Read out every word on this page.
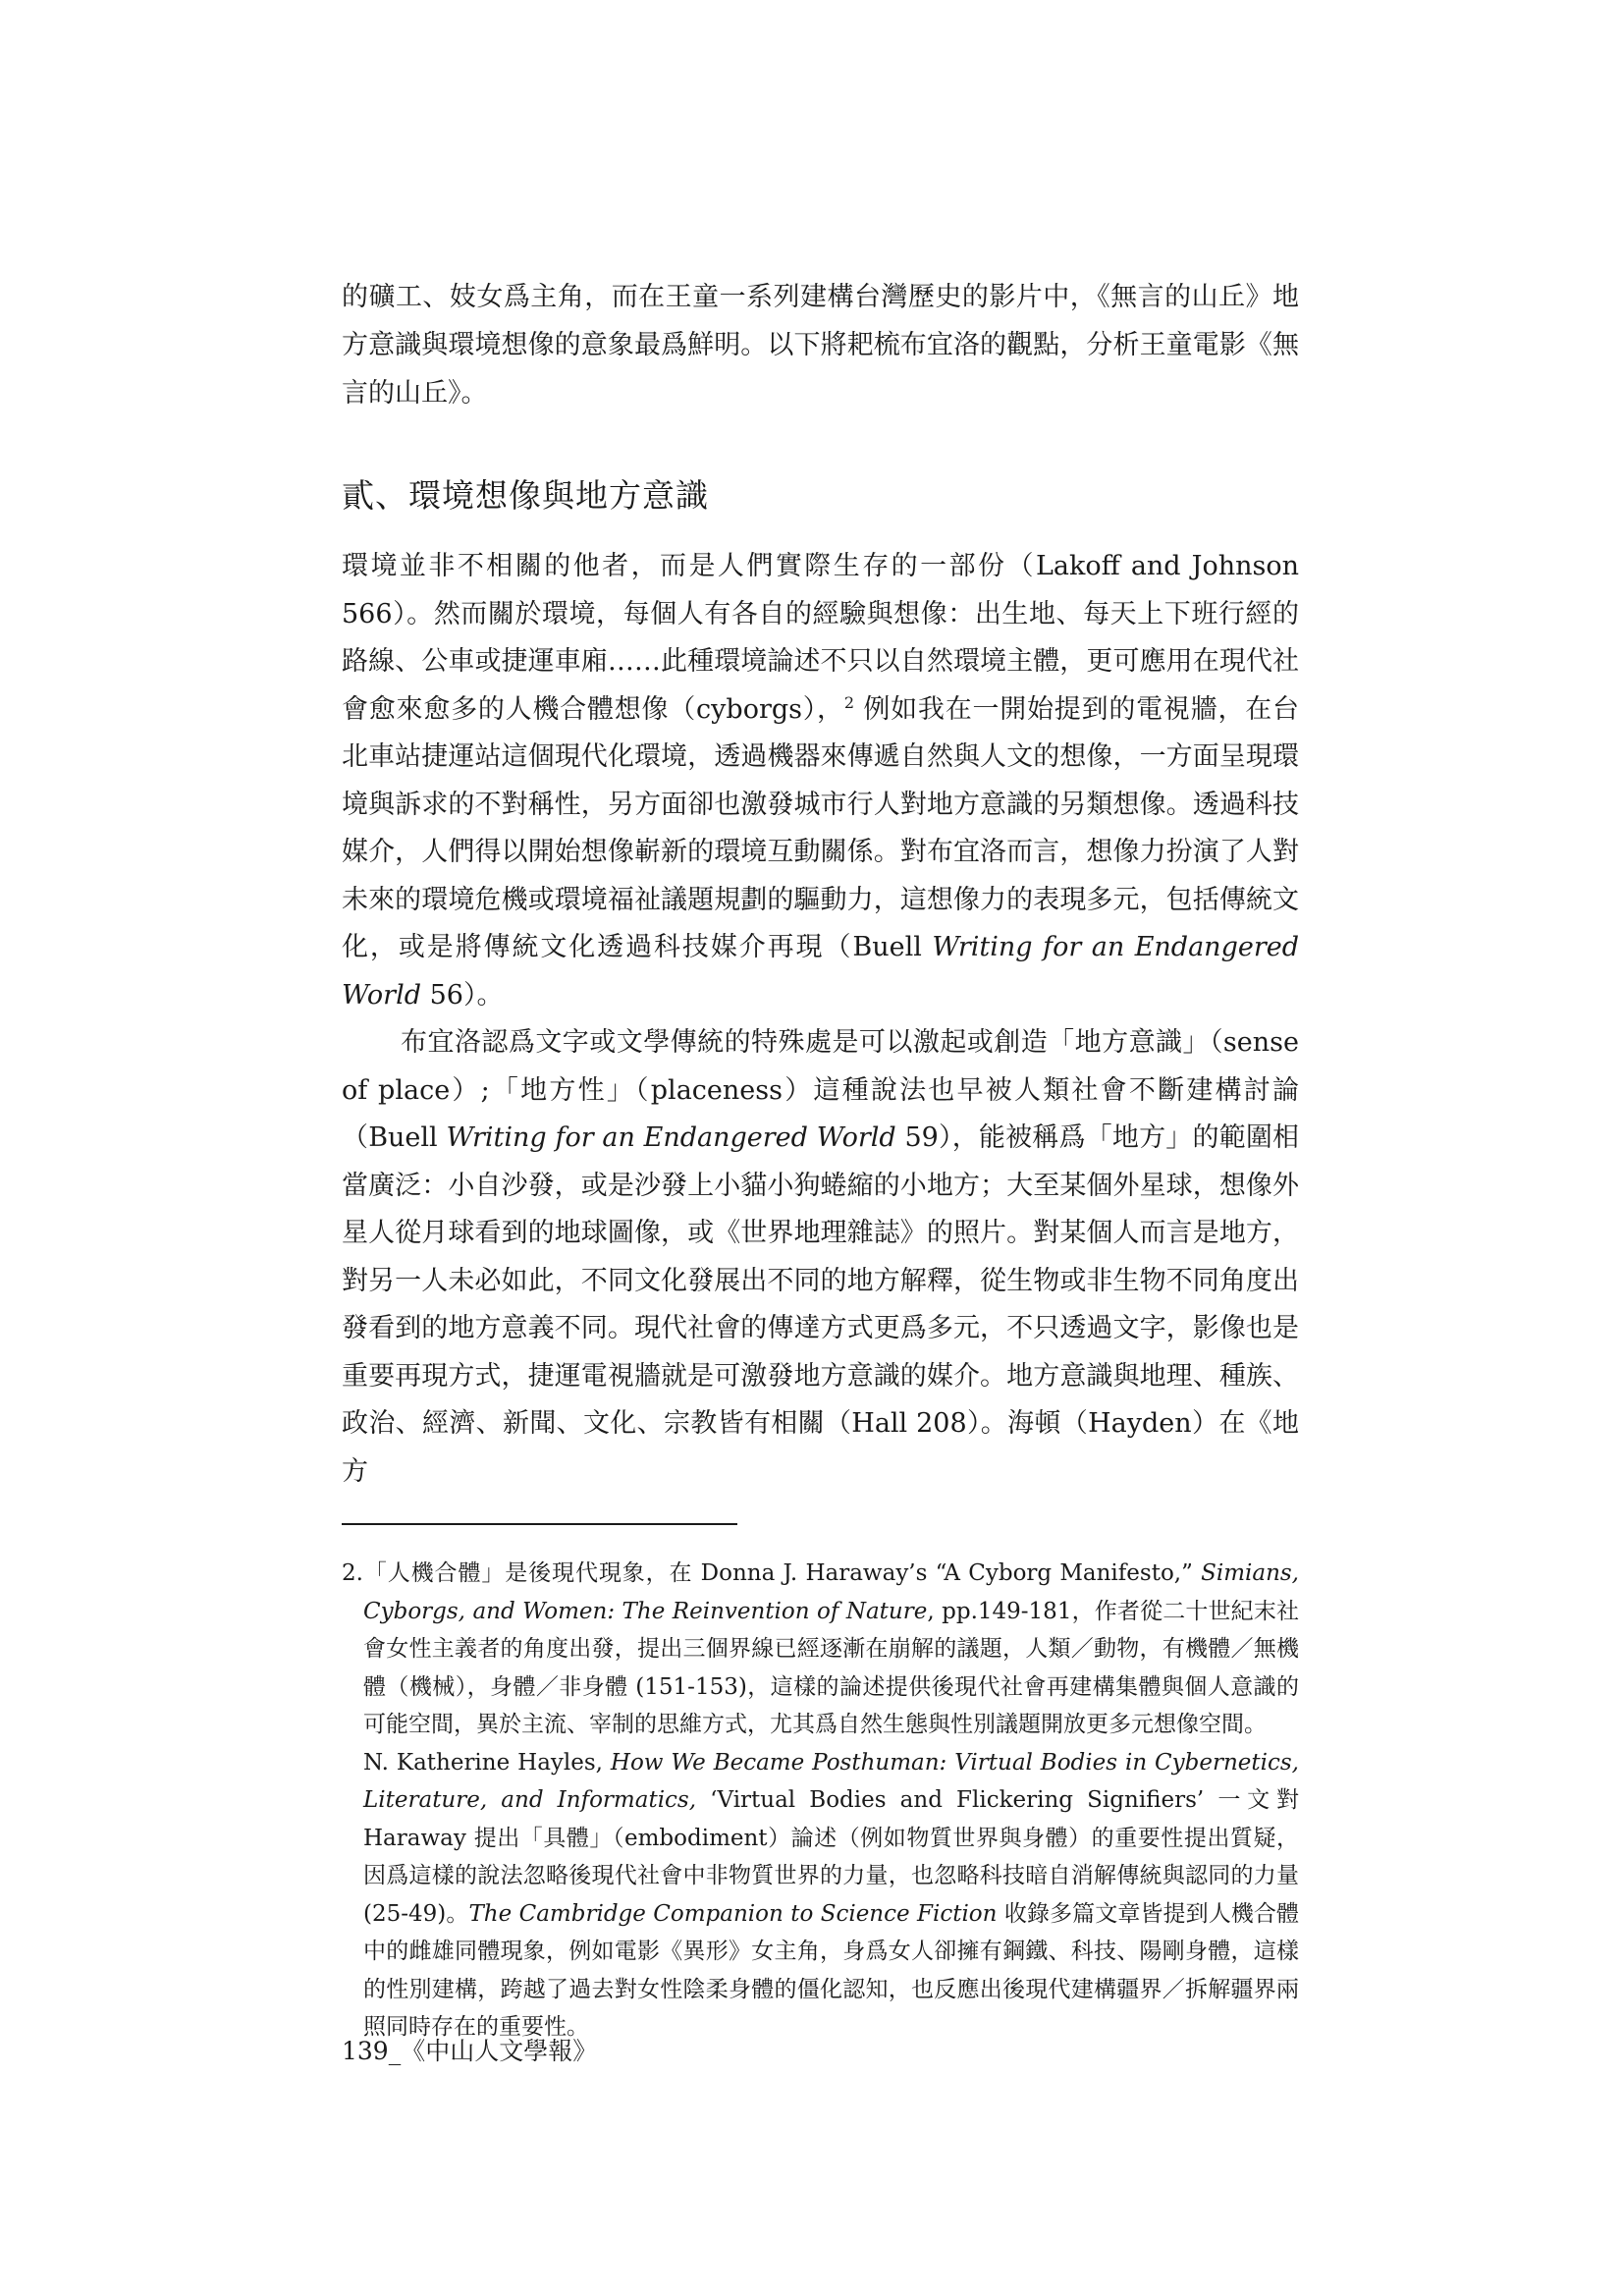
的礦工、妓女爲主角，而在王童一系列建構台灣歷史的影片中，《無言的山丘》地方意識與環境想像的意象最爲鮮明。以下將耙梳布宜洛的觀點，分析王童電影《無言的山丘》。

貳、環境想像與地方意識

環境並非不相關的他者，而是人們實際生存的一部份（Lakoff and Johnson 566）。然而關於環境，每個人有各自的經驗與想像：出生地、每天上下班行經的路線、公車或捷運車廂……此種環境論述不只以自然環境主體，更可應用在現代社會愈來愈多的人機合體想像（cyborgs），$^2$ 例如我在一開始提到的電視牆，在台北車站捷運站這個現代化環境，透過機器來傳遞自然與人文的想像，一方面呈現環境與訴求的不對稱性，另方面卻也激發城市行人對地方意識的另類想像。透過科技媒介，人們得以開始想像嶄新的環境互動關係。對布宜洛而言，想像力扮演了人對未來的環境危機或環境福祉議題規劃的驅動力，這想像力的表現多元，包括傳統文化，或是將傳統文化透過科技媒介再現（Buell Writing for an Endangered World 56）。

布宜洛認爲文字或文學傳統的特殊處是可以激起或創造「地方意識」（sense of place）;「地方性」（placeness）這種說法也早被人類社會不斷建構討論（Buell Writing for an Endangered World 59），能被稱爲「地方」的範圍相當廣泛：小自沙發，或是沙發上小貓小狗蜷縮的小地方；大至某個外星球，想像外星人從月球看到的地球圖像，或《世界地理雜誌》的照片。對某個人而言是地方，對另一人未必如此，不同文化發展出不同的地方解釋，從生物或非生物不同角度出發看到的地方意義不同。現代社會的傳達方式更爲多元，不只透過文字，影像也是重要再現方式，捷運電視牆就是可激發地方意識的媒介。地方意識與地理、種族、政治、經濟、新聞、文化、宗教皆有相關（Hall 208）。海頓（Hayden）在《地方

2.「人機合體」是後現代現象，在 Donna J. Haraway’s “A Cyborg Manifesto,” Simians, Cyborgs, and Women: The Reinvention of Nature, pp.149-181，作者從二十世紀末社會女性主義者的角度出發，提出三個界線已經逐漸在崩解的議題，人類／動物，有機體／無機體（機械），身體／非身體 (151-153)，這樣的論述提供後現代社會再建構集體與個人意識的可能空間，異於主流、宰制的思維方式，尤其爲自然生態與性別議題開放更多元想像空間。
N. Katherine Hayles, How We Became Posthuman: Virtual Bodies in Cybernetics, Literature, and Informatics, ‘Virtual Bodies and Flickering Signifiers’ 一文對 Haraway 提出「具體」（embodiment）論述（例如物質世界與身體）的重要性提出質疑，因爲這樣的說法忽略後現代社會中非物質世界的力量，也忽略科技暗自消解傳統與認同的力量(25-49)。The Cambridge Companion to Science Fiction 收錄多篇文章皆提到人機合體中的雌雄同體現象，例如電影《異形》女主角，身爲女人卻擁有鋼鐵、科技、陽剛身體，這樣的性別建構，跨越了過去對女性陰柔身體的僵化認知，也反應出後現代建構疆界／拆解疆界兩照同時存在的重要性。

139_《中山人文學報》
